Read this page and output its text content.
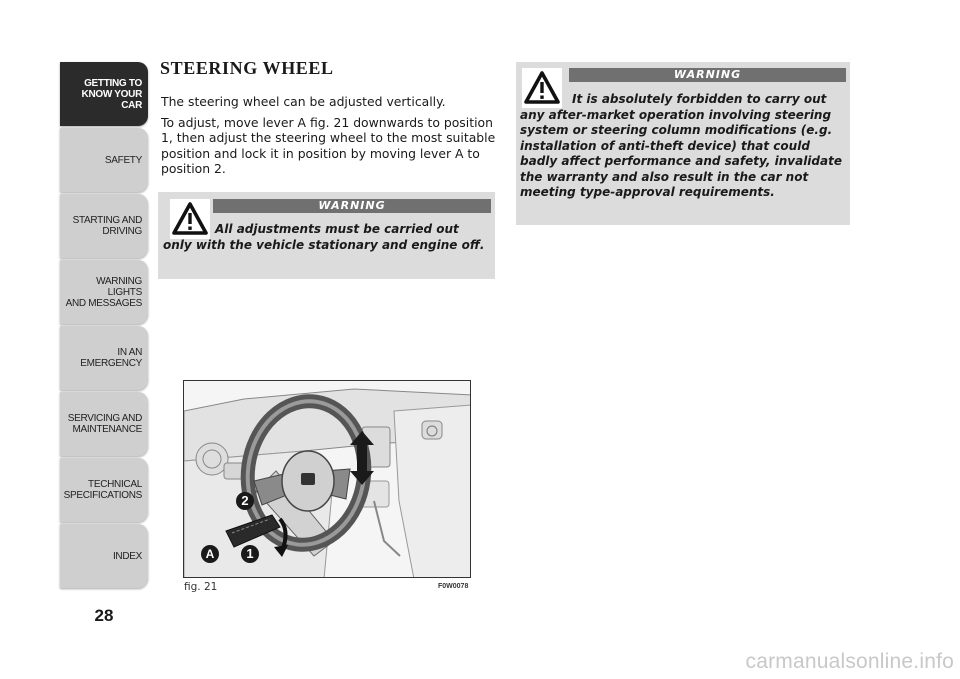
GETTING TO
KNOW YOUR CAR
SAFETY
STARTING AND
DRIVING
WARNING LIGHTS
AND MESSAGES
IN AN EMERGENCY
SERVICING AND
MAINTENANCE
TECHNICAL
SPECIFICATIONS
INDEX
28
STEERING WHEEL

The steering wheel can be adjusted vertically.

To adjust, move lever A fig. 21 downwards to position 1, then adjust the steering wheel to the most suitable position and lock it in position by moving lever A to position 2.

WARNING

All adjustments must be carried out only with the vehicle stationary and engine off.

WARNING

It is absolutely forbidden to carry out any after-market operation involving steering system or steering column modifications (e.g. installation of anti-theft device) that could badly affect performance and safety, invalidate the warranty and also result in the car not meeting type-approval requirements.

2
A	1
fig. 21	F0W0078
carmanualsonline.info
